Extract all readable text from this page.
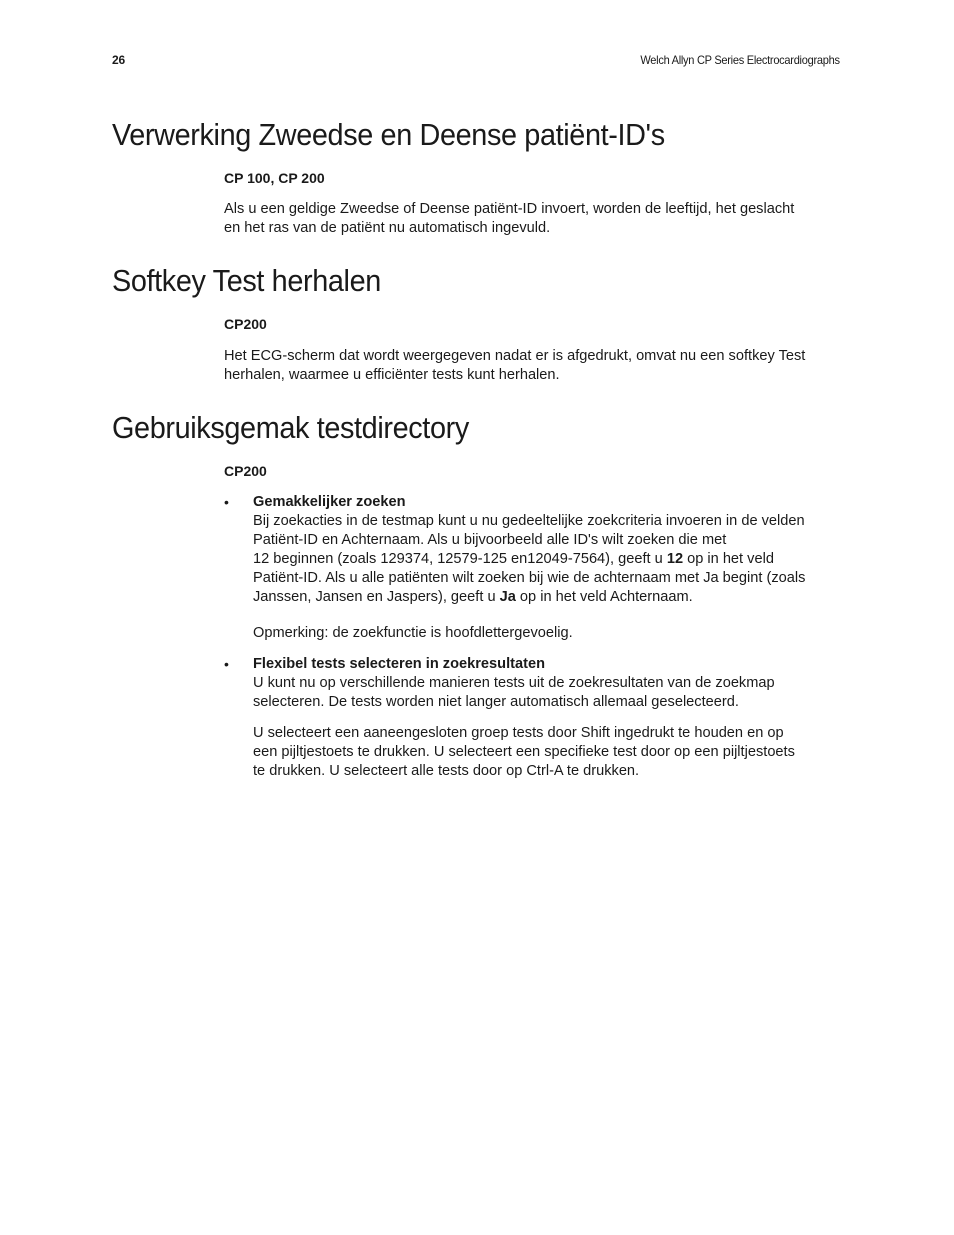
26	Welch Allyn CP Series Electrocardiographs
Verwerking Zweedse en Deense patiënt-ID's
CP 100, CP 200

Als u een geldige Zweedse of Deense patiënt-ID invoert, worden de leeftijd, het geslacht
en het ras van de patiënt nu automatisch ingevuld.

Softkey Test herhalen
CP200

Het ECG-scherm dat wordt weergegeven nadat er is afgedrukt, omvat nu een softkey Test
herhalen, waarmee u efficiënter tests kunt herhalen.

Gebruiksgemak testdirectory
CP200
• Gemakkelijker zoeken

Bij zoekacties in de testmap kunt u nu gedeeltelijke zoekcriteria invoeren in de velden
Patiënt-ID en Achternaam. Als u bijvoorbeeld alle ID's wilt zoeken die met
12 beginnen (zoals 129374, 12579-125 en12049-7564), geeft u 12 op in het veld
Patiënt-ID. Als u alle patiënten wilt zoeken bij wie de achternaam met Ja begint (zoals
Janssen, Jansen en Jaspers), geeft u Ja op in het veld Achternaam.

Opmerking: de zoekfunctie is hoofdlettergevoelig.

• Flexibel tests selecteren in zoekresultaten

U kunt nu op verschillende manieren tests uit de zoekresultaten van de zoekmap
selecteren. De tests worden niet langer automatisch allemaal geselecteerd.

U selecteert een aaneengesloten groep tests door Shift ingedrukt te houden en op
een pijltjestoets te drukken. U selecteert een specifieke test door op een pijltjestoets
te drukken. U selecteert alle tests door op Ctrl-A te drukken.
